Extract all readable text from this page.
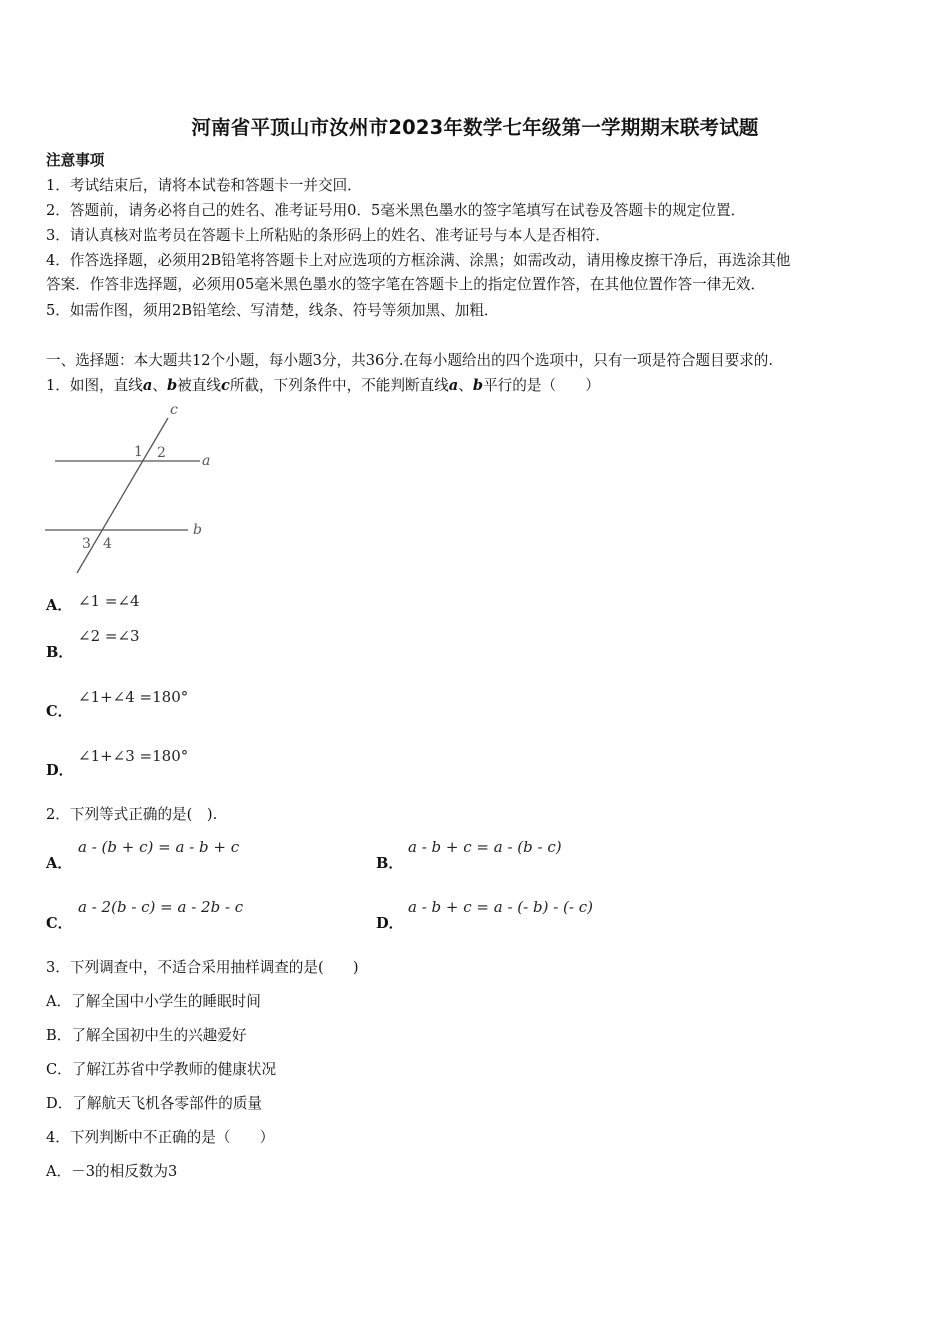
河南省平顶山市汝州市2023年数学七年级第一学期期末联考试题
注意事项
1．考试结束后，请将本试卷和答题卡一并交回．
2．答题前，请务必将自己的姓名、准考证号用0．5毫米黑色墨水的签字笔填写在试卷及答题卡的规定位置．
3．请认真核对监考员在答题卡上所粘贴的条形码上的姓名、准考证号与本人是否相符．
4．作答选择题，必须用2B铅笔将答题卡上对应选项的方框涂满、涂黑；如需改动，请用橡皮擦干净后，再选涂其他
答案．作答非选择题，必须用05毫米黑色墨水的签字笔在答题卡上的指定位置作答，在其他位置作答一律无效．
5．如需作图，须用2B铅笔绘、写清楚，线条、符号等须加黑、加粗．
一、选择题：本大题共12个小题，每小题3分，共36分.在每小题给出的四个选项中，只有一项是符合题目要求的.
1．如图，直线a、b被直线c所截，下列条件中，不能判断直线a、b平行的是（　　）
c
a
b
1 2
3 4
A． ∠1 =∠4
B．
∠2 =∠3
C．
∠1+∠4 =180°
D．
∠1+∠3 =180°
2．下列等式正确的是(　).
A．
a - (b + c) = a - b + c
B．
a - b + c = a - (b - c)
C．
a - 2(b - c) = a - 2b - c
D．
a - b + c = a - (- b) - (- c)
3．下列调查中，不适合采用抽样调查的是(　　)
A．了解全国中小学生的睡眠时间
B．了解全国初中生的兴趣爱好
C．了解江苏省中学教师的健康状况
D．了解航天飞机各零部件的质量
4．下列判断中不正确的是（　　）
A．－3的相反数为3
